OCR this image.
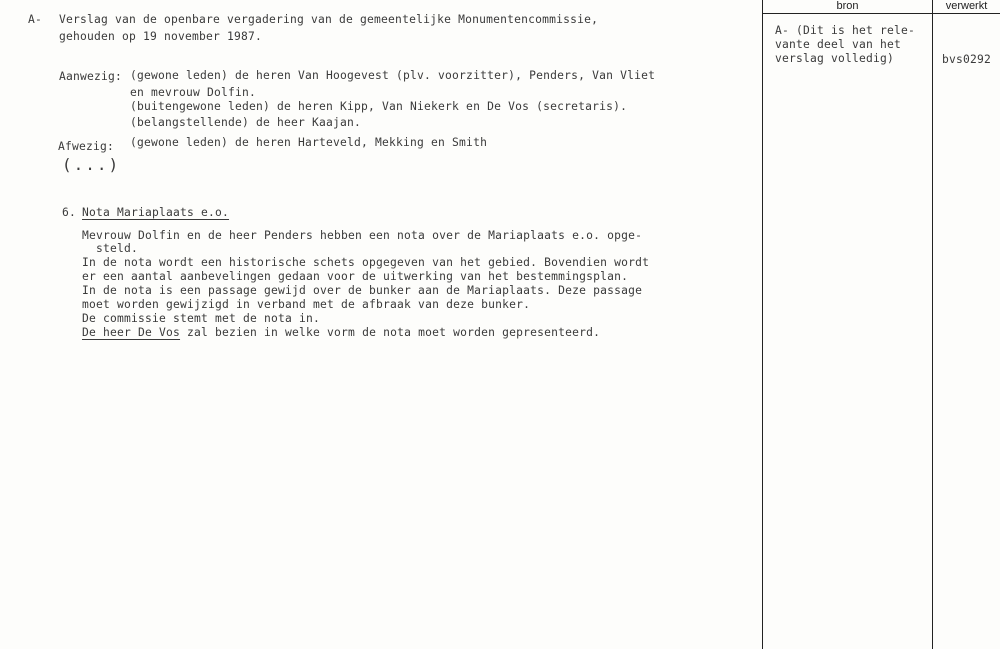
bron	verwerkt
A- Verslag van de openbare vergadering van de gemeentelijke Monumentencommissie,
gehouden op 19 november 1987.
Aanwezig: (gewone leden) de heren Van Hoogevest (plv. voorzitter), Penders, Van Vliet
en mevrouw Dolfin.
(buitengewone leden) de heren Kipp, Van Niekerk en De Vos (secretaris).
(belangstellende) de heer Kaajan.
Afwezig: (gewone leden) de heren Harteveld, Mekking en Smith
(...)
6. Nota Mariaplaats e.o.
Mevrouw Dolfin en de heer Penders hebben een nota over de Mariaplaats e.o. opge-
steld.
In de nota wordt een historische schets opgegeven van het gebied. Bovendien wordt
er een aantal aanbevelingen gedaan voor de uitwerking van het bestemmingsplan.
In de nota is een passage gewijd over de bunker aan de Mariaplaats. Deze passage
moet worden gewijzigd in verband met de afbraak van deze bunker.
De commissie stemt met de nota in.
De heer De Vos zal bezien in welke vorm de nota moet worden gepresenteerd.
A- (Dit is het rele-
vante deel van het
verslag volledig)	bvs0292
